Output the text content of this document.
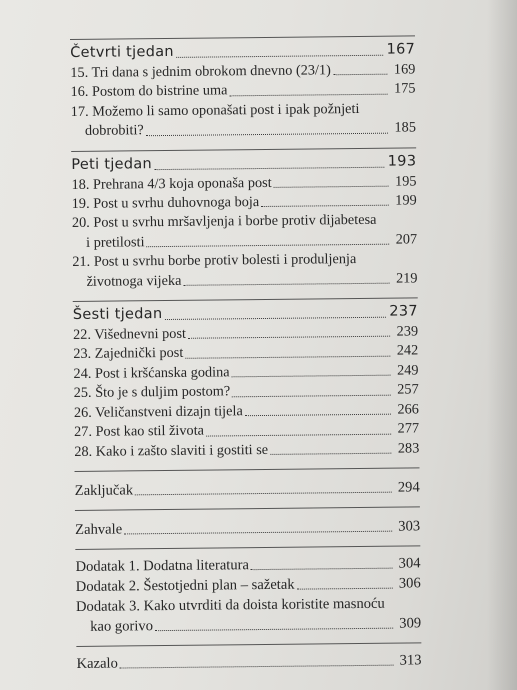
Četvrti tjedan	167
15. Tri dana s jednim obrokom dnevno (23/1)	169
16. Postom do bistrine uma	175
17. Možemo li samo oponašati post i ipak požnjeti
dobrobiti?	185
Peti tjedan	193
18. Prehrana 4/3 koja oponaša post	195
19. Post u svrhu duhovnoga boja	199
20. Post u svrhu mršavljenja i borbe protiv dijabetesa
i pretilosti	207
21. Post u svrhu borbe protiv bolesti i produljenja
životnoga vijeka	219
Šesti tjedan	237
22. Višednevni post	239
23. Zajednički post	242
24. Post i kršćanska godina	249
25. Što je s duljim postom?	257
26. Veličanstveni dizajn tijela	266
27. Post kao stil života	277
28. Kako i zašto slaviti i gostiti se	283
Zaključak	294
Zahvale	303
Dodatak 1. Dodatna literatura	304
Dodatak 2. Šestotjedni plan – sažetak	306
Dodatak 3. Kako utvrditi da doista koristite masnoću
kao gorivo	309
Kazalo	313
